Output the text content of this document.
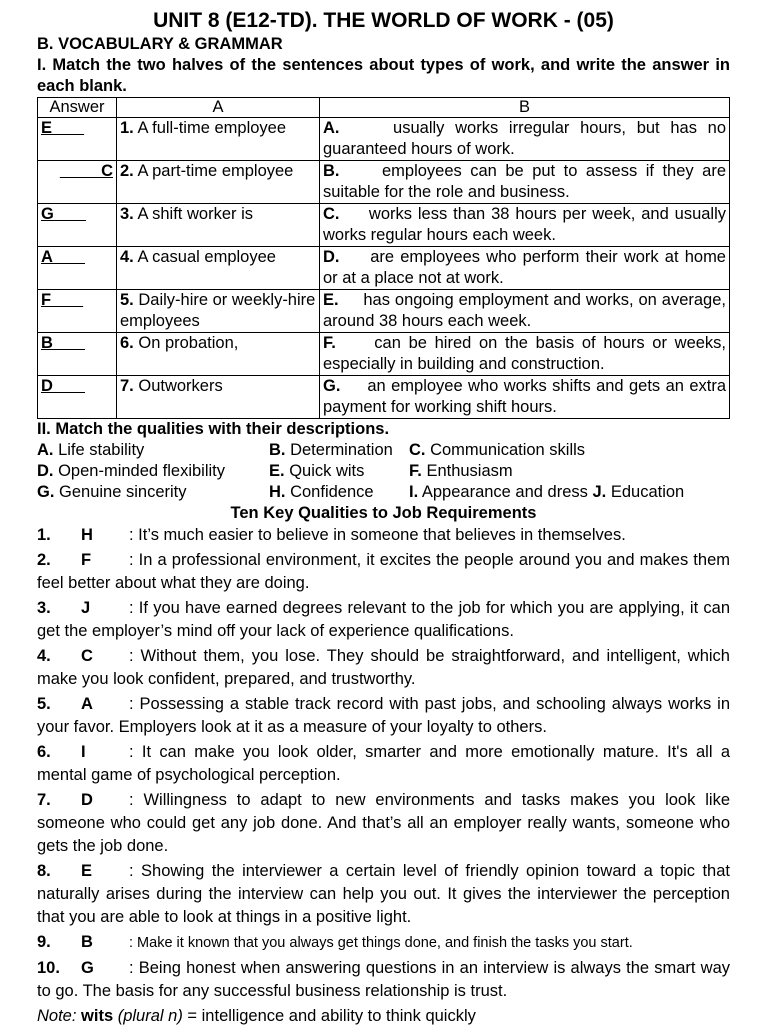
UNIT 8 (E12-TD). THE WORLD OF WORK - (05)

B. VOCABULARY & GRAMMAR

I. Match the two halves of the sentences about types of work, and write the answer in each blank.

Answer	A	B
E	1. A full-time employee	A. usually works irregular hours, but has no guaranteed hours of work.
C	2. A part-time employee	B. employees can be put to assess if they are suitable for the role and business.
G	3. A shift worker is	C. works less than 38 hours per week, and usually works regular hours each week.
A	4. A casual employee	D. are employees who perform their work at home or at a place not at work.
F	5. Daily-hire or weekly-hire employees	E. has ongoing employment and works, on average, around 38 hours each week.
B	6. On probation,	F. can be hired on the basis of hours or weeks, especially in building and construction.
D	7. Outworkers	G. an employee who works shifts and gets an extra payment for working shift hours.

II. Match the qualities with their descriptions.

A. Life stability	B. Determination C. Communication skills
D. Open-minded flexibility	E. Quick wits	F. Enthusiasm
G. Genuine sincerity	H. Confidence	I. Appearance and dress J. Education

Ten Key Qualities to Job Requirements

1. H : It’s much easier to believe in someone that believes in themselves.

2. F : In a professional environment, it excites the people around you and makes them feel better about what they are doing.

3. J : If you have earned degrees relevant to the job for which you are applying, it can get the employer’s mind off your lack of experience qualifications.

4. C : Without them, you lose. They should be straightforward, and intelligent, which make you look confident, prepared, and trustworthy.

5. A : Possessing a stable track record with past jobs, and schooling always works in your favor. Employers look at it as a measure of your loyalty to others.

6. I	: It can make you look older, smarter and more emotionally mature. It's all a mental game of psychological perception.

7. D : Willingness to adapt to new environments and tasks makes you look like someone who could get any job done. And that’s all an employer really wants, someone who gets the job done.

8. E : Showing the interviewer a certain level of friendly opinion toward a topic that naturally arises during the interview can help you out. It gives the interviewer the perception that you are able to look at things in a positive light.

9. B : Make it known that you always get things done, and finish the tasks you start.

10. G : Being honest when answering questions in an interview is always the smart way to go. The basis for any successful business relationship is trust.

Note: wits (plural n) = intelligence and ability to think quickly
